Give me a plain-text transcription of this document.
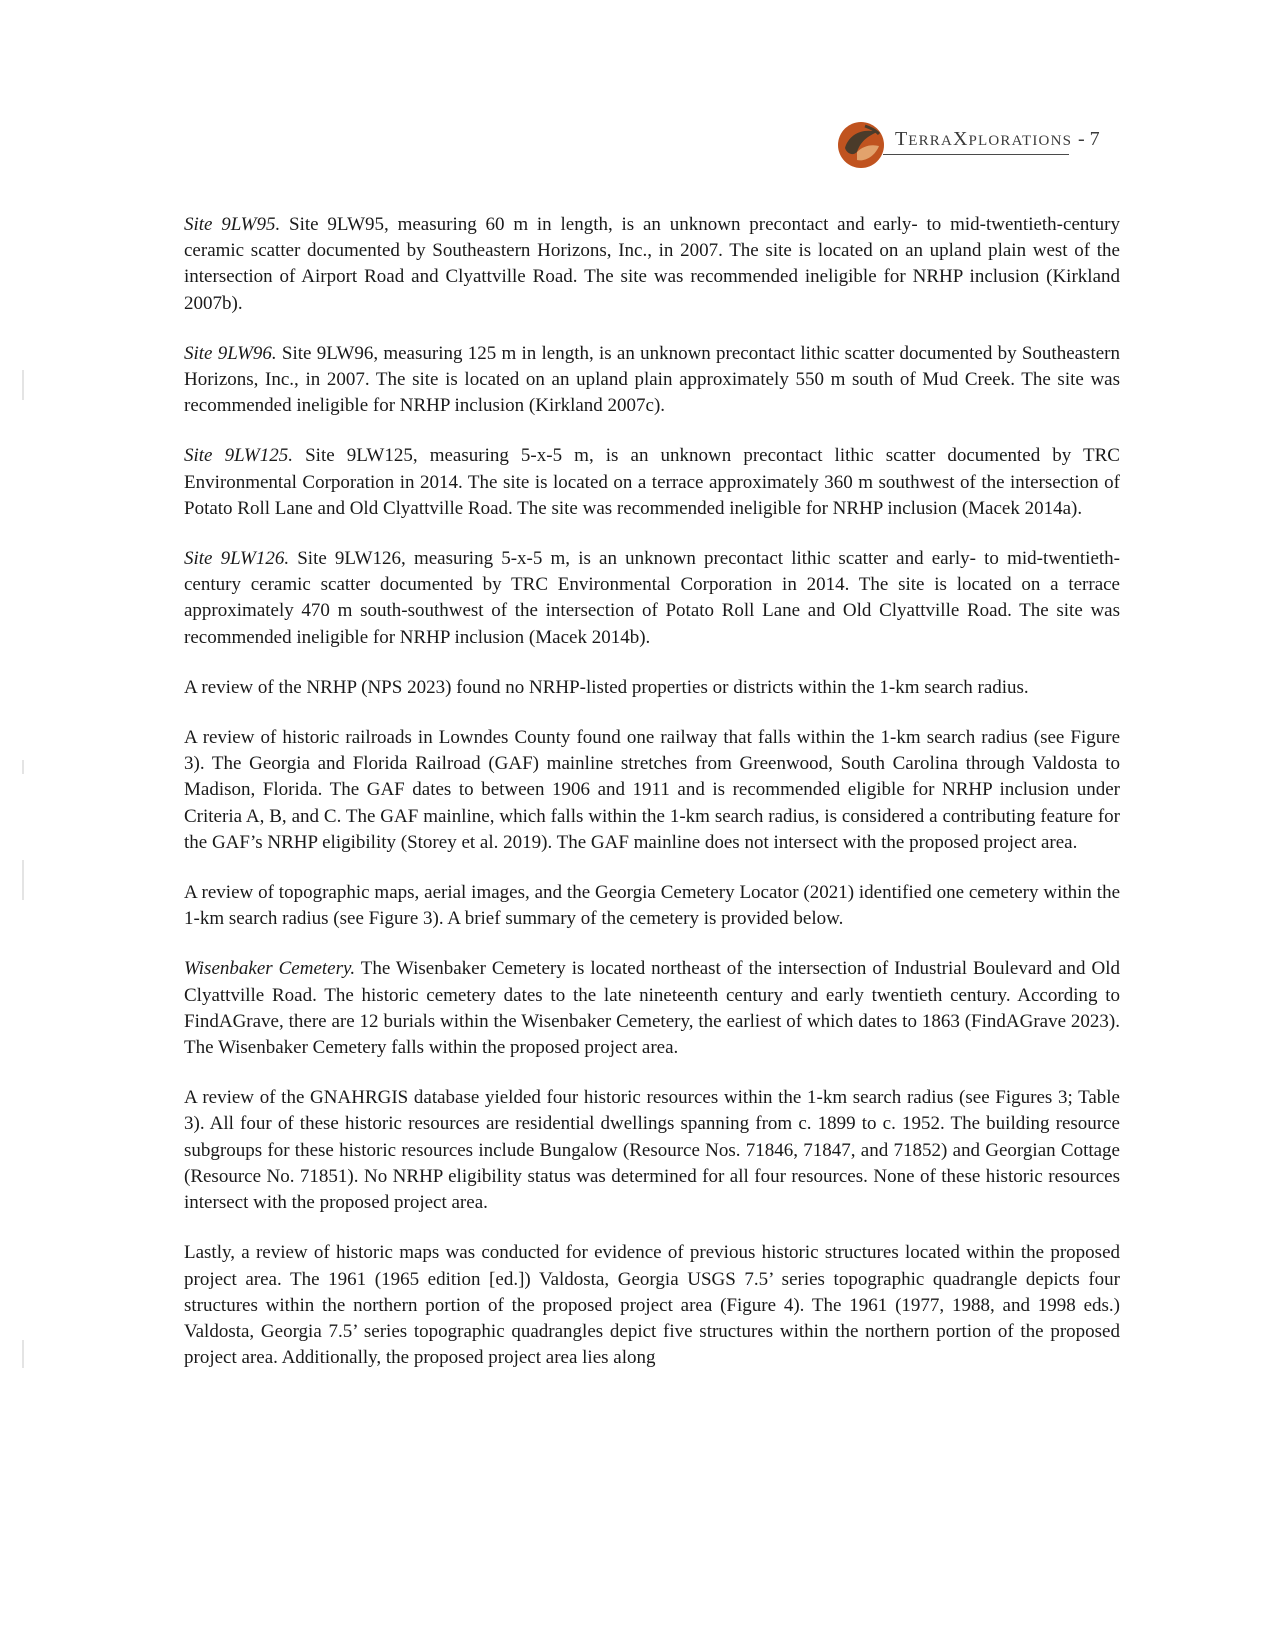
TERRAXPLORATIONS - 7

Site 9LW95. Site 9LW95, measuring 60 m in length, is an unknown precontact and early- to mid-twentieth-century ceramic scatter documented by Southeastern Horizons, Inc., in 2007. The site is located on an upland plain west of the intersection of Airport Road and Clyattville Road. The site was recommended ineligible for NRHP inclusion (Kirkland 2007b).

Site 9LW96. Site 9LW96, measuring 125 m in length, is an unknown precontact lithic scatter documented by Southeastern Horizons, Inc., in 2007. The site is located on an upland plain approximately 550 m south of Mud Creek. The site was recommended ineligible for NRHP inclusion (Kirkland 2007c).

Site 9LW125. Site 9LW125, measuring 5-x-5 m, is an unknown precontact lithic scatter documented by TRC Environmental Corporation in 2014. The site is located on a terrace approximately 360 m southwest of the intersection of Potato Roll Lane and Old Clyattville Road. The site was recommended ineligible for NRHP inclusion (Macek 2014a).

Site 9LW126. Site 9LW126, measuring 5-x-5 m, is an unknown precontact lithic scatter and early- to mid-twentieth-century ceramic scatter documented by TRC Environmental Corporation in 2014. The site is located on a terrace approximately 470 m south-southwest of the intersection of Potato Roll Lane and Old Clyattville Road. The site was recommended ineligible for NRHP inclusion (Macek 2014b).

A review of the NRHP (NPS 2023) found no NRHP-listed properties or districts within the 1-km search radius.

A review of historic railroads in Lowndes County found one railway that falls within the 1-km search radius (see Figure 3). The Georgia and Florida Railroad (GAF) mainline stretches from Greenwood, South Carolina through Valdosta to Madison, Florida. The GAF dates to between 1906 and 1911 and is recommended eligible for NRHP inclusion under Criteria A, B, and C. The GAF mainline, which falls within the 1-km search radius, is considered a contributing feature for the GAF’s NRHP eligibility (Storey et al. 2019). The GAF mainline does not intersect with the proposed project area.

A review of topographic maps, aerial images, and the Georgia Cemetery Locator (2021) identified one cemetery within the 1-km search radius (see Figure 3). A brief summary of the cemetery is provided below.

Wisenbaker Cemetery. The Wisenbaker Cemetery is located northeast of the intersection of Industrial Boulevard and Old Clyattville Road. The historic cemetery dates to the late nineteenth century and early twentieth century. According to FindAGrave, there are 12 burials within the Wisenbaker Cemetery, the earliest of which dates to 1863 (FindAGrave 2023). The Wisenbaker Cemetery falls within the proposed project area.

A review of the GNAHRGIS database yielded four historic resources within the 1-km search radius (see Figures 3; Table 3). All four of these historic resources are residential dwellings spanning from c. 1899 to c. 1952. The building resource subgroups for these historic resources include Bungalow (Resource Nos. 71846, 71847, and 71852) and Georgian Cottage (Resource No. 71851). No NRHP eligibility status was determined for all four resources. None of these historic resources intersect with the proposed project area.

Lastly, a review of historic maps was conducted for evidence of previous historic structures located within the proposed project area. The 1961 (1965 edition [ed.]) Valdosta, Georgia USGS 7.5’ series topographic quadrangle depicts four structures within the northern portion of the proposed project area (Figure 4). The 1961 (1977, 1988, and 1998 eds.) Valdosta, Georgia 7.5’ series topographic quadrangles depict five structures within the northern portion of the proposed project area. Additionally, the proposed project area lies along
